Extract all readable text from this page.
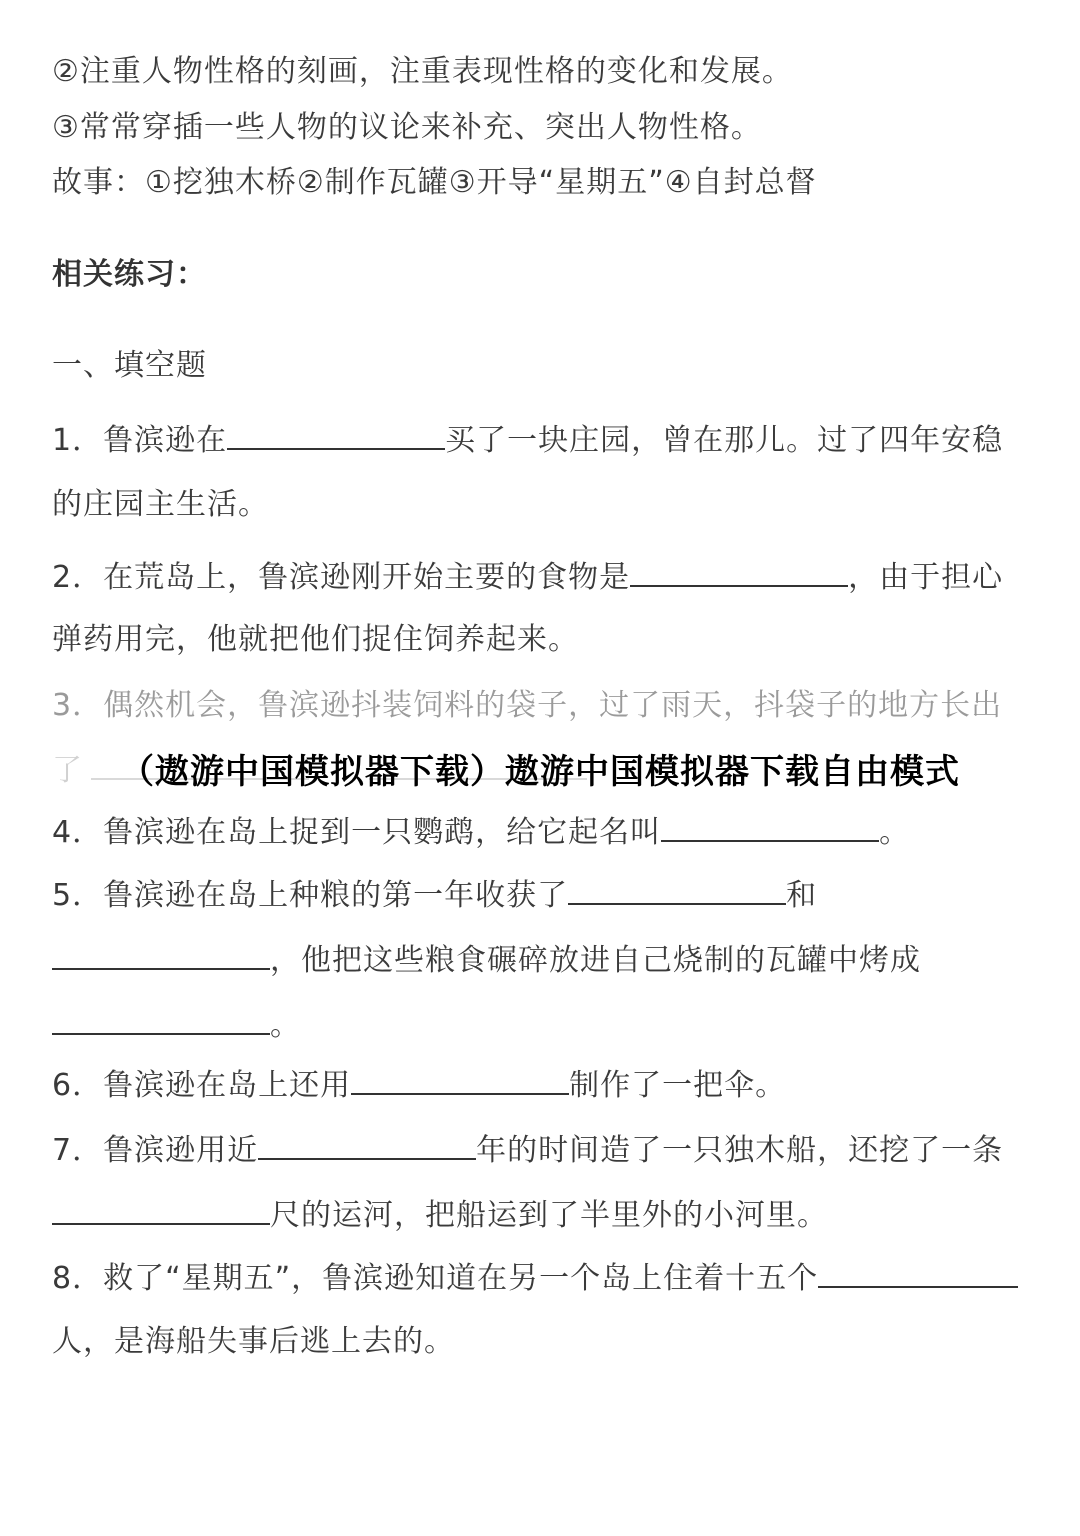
②注重人物性格的刻画，注重表现性格的变化和发展。
③常常穿插一些人物的议论来补充、突出人物性格。
故事：①挖独木桥②制作瓦罐③开导“星期五”④自封总督
相关练习：
一、填空题
1．鲁滨逊在	买了一块庄园，曾在那儿。过了四年安稳
的庄园主生活。
2．在荒岛上，鲁滨逊刚开始主要的食物是	，由于担心
弹药用完，他就把他们捉住饲养起来。
3．偶然机会，鲁滨逊抖装饲料的袋子，过了雨天，抖袋子的地方长出
（遨游中国模拟器下载）遨游中国模拟器下载自由模式
4．鲁滨逊在岛上捉到一只鹦鹉，给它起名叫	。
5．鲁滨逊在岛上种粮的第一年收获了	和
，他把这些粮食碾碎放进自己烧制的瓦罐中烤成
。
6．鲁滨逊在岛上还用	制作了一把伞。
7．鲁滨逊用近	年的时间造了一只独木船，还挖了一条
尺的运河，把船运到了半里外的小河里。
8．救了“星期五”，鲁滨逊知道在另一个岛上住着十五个
人，是海船失事后逃上去的。
